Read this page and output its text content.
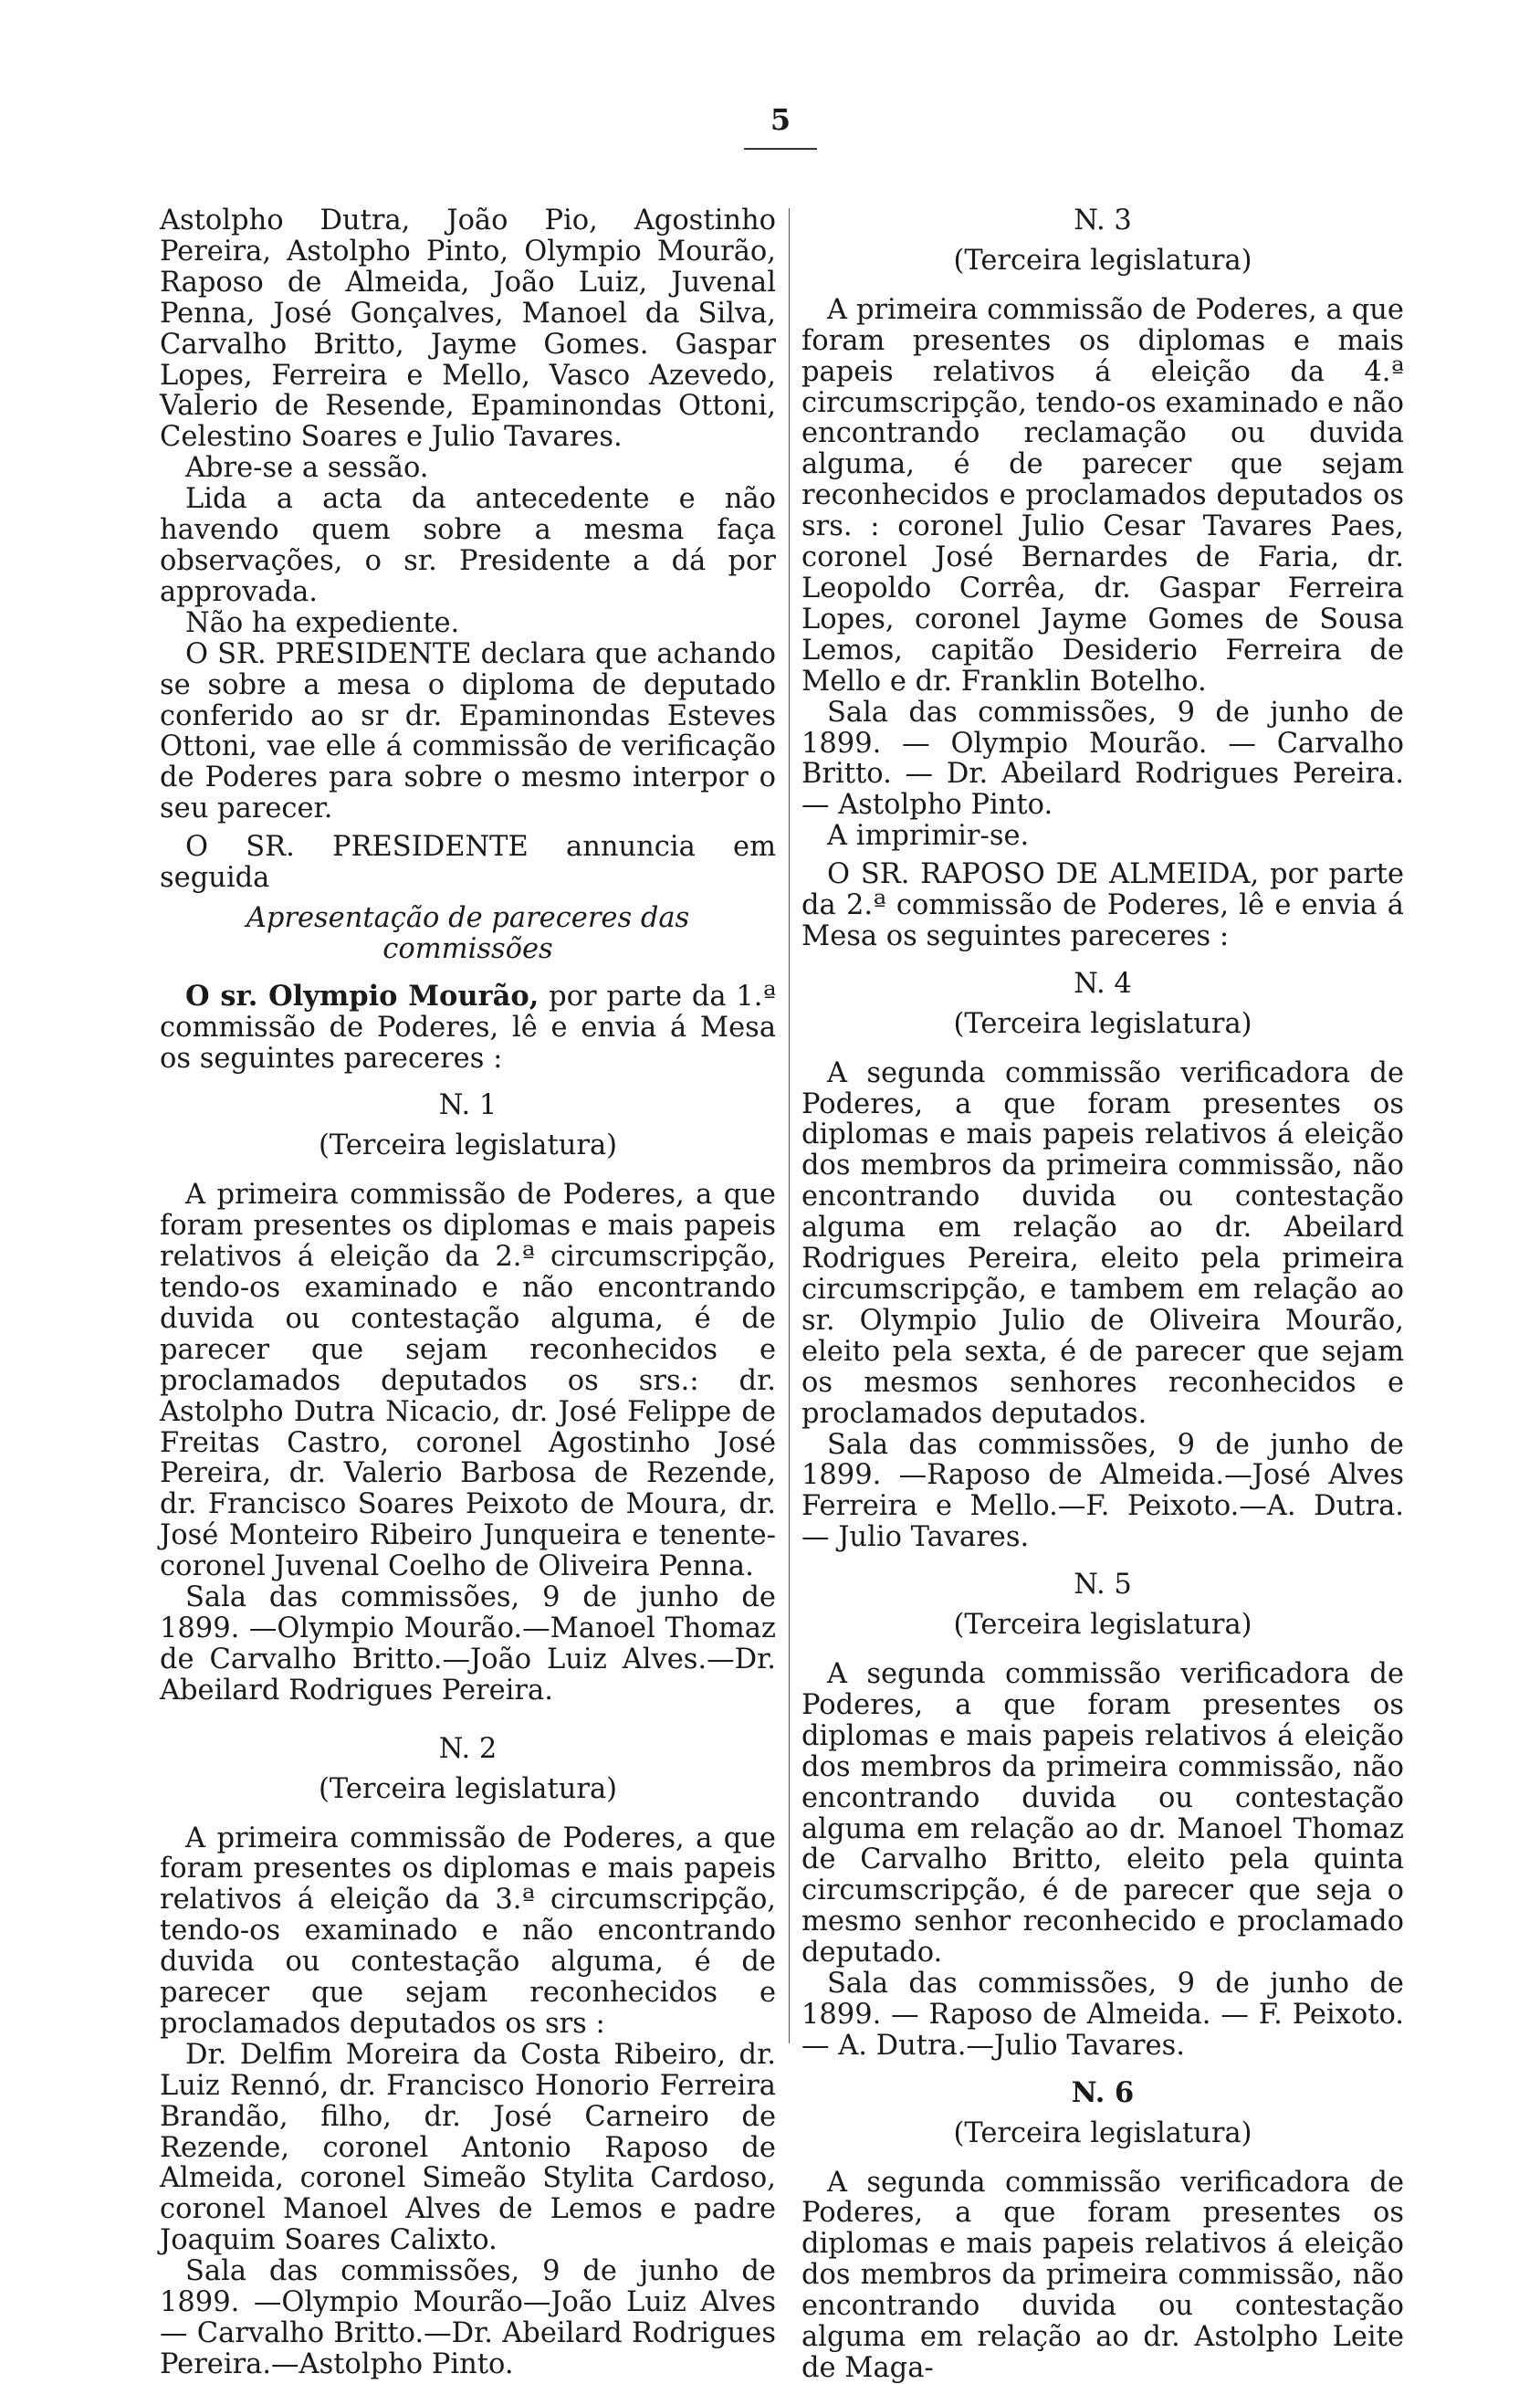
5

Astolpho Dutra, João Pio, Agostinho Pereira, Astolpho Pinto, Olympio Mourão, Raposo de Almeida, João Luiz, Juvenal Penna, José Gonçalves, Manoel da Silva, Carvalho Britto, Jayme Gomes. Gaspar Lopes, Ferreira e Mello, Vasco Azevedo, Valerio de Resende, Epaminondas Ottoni, Celestino Soares e Julio Tavares.

Abre-se a sessão.

Lida a acta da antecedente e não havendo quem sobre a mesma faça observações, o sr. Presidente a dá por approvada.

Não ha expediente.

O SR. PRESIDENTE declara que achando se sobre a mesa o diploma de deputado conferido ao sr dr. Epaminondas Esteves Ottoni, vae elle á commissão de verificação de Poderes para sobre o mesmo interpor o seu parecer.

O SR. PRESIDENTE annuncia em seguida

Apresentação de pareceres das commissões

O sr. Olympio Mourão, por parte da 1.ª commissão de Poderes, lê e envia á Mesa os seguintes pareceres :

N. 1

(Terceira legislatura)

A primeira commissão de Poderes, a que foram presentes os diplomas e mais papeis relativos á eleição da 2.ª circumscripção, tendo-os examinado e não encontrando duvida ou contestação alguma, é de parecer que sejam reconhecidos e proclamados deputados os srs.: dr. Astolpho Dutra Nicacio, dr. José Felippe de Freitas Castro, coronel Agostinho José Pereira, dr. Valerio Barbosa de Rezende, dr. Francisco Soares Peixoto de Moura, dr. José Monteiro Ribeiro Junqueira e tenente-coronel Juvenal Coelho de Oliveira Penna.

Sala das commissões, 9 de junho de 1899. —Olympio Mourão.—Manoel Thomaz de Carvalho Britto.—João Luiz Alves.—Dr. Abeilard Rodrigues Pereira.

N. 2

(Terceira legislatura)

A primeira commissão de Poderes, a que foram presentes os diplomas e mais papeis relativos á eleição da 3.ª circumscripção, tendo-os examinado e não encontrando duvida ou contestação alguma, é de parecer que sejam reconhecidos e proclamados deputados os srs :

Dr. Delfim Moreira da Costa Ribeiro, dr. Luiz Rennó, dr. Francisco Honorio Ferreira Brandão, filho, dr. José Carneiro de Rezende, coronel Antonio Raposo de Almeida, coronel Simeão Stylita Cardoso, coronel Manoel Alves de Lemos e padre Joaquim Soares Calixto.

Sala das commissões, 9 de junho de 1899. —Olympio Mourão—João Luiz Alves — Carvalho Britto.—Dr. Abeilard Rodrigues Pereira.—Astolpho Pinto.

N. 3

(Terceira legislatura)

A primeira commissão de Poderes, a que foram presentes os diplomas e mais papeis relativos á eleição da 4.ª circumscripção, tendo-os examinado e não encontrando reclamação ou duvida alguma, é de parecer que sejam reconhecidos e proclamados deputados os srs. : coronel Julio Cesar Tavares Paes, coronel José Bernardes de Faria, dr. Leopoldo Corrêa, dr. Gaspar Ferreira Lopes, coronel Jayme Gomes de Sousa Lemos, capitão Desiderio Ferreira de Mello e dr. Franklin Botelho.

Sala das commissões, 9 de junho de 1899. — Olympio Mourão. — Carvalho Britto. — Dr. Abeilard Rodrigues Pereira. — Astolpho Pinto.

A imprimir-se.

O SR. RAPOSO DE ALMEIDA, por parte da 2.ª commissão de Poderes, lê e envia á Mesa os seguintes pareceres :

N. 4

(Terceira legislatura)

A segunda commissão verificadora de Poderes, a que foram presentes os diplomas e mais papeis relativos á eleição dos membros da primeira commissão, não encontrando duvida ou contestação alguma em relação ao dr. Abeilard Rodrigues Pereira, eleito pela primeira circumscripção, e tambem em relação ao sr. Olympio Julio de Oliveira Mourão, eleito pela sexta, é de parecer que sejam os mesmos senhores reconhecidos e proclamados deputados.

Sala das commissões, 9 de junho de 1899. —Raposo de Almeida.—José Alves Ferreira e Mello.—F. Peixoto.—A. Dutra. — Julio Tavares.

N. 5

(Terceira legislatura)

A segunda commissão verificadora de Poderes, a que foram presentes os diplomas e mais papeis relativos á eleição dos membros da primeira commissão, não encontrando duvida ou contestação alguma em relação ao dr. Manoel Thomaz de Carvalho Britto, eleito pela quinta circumscripção, é de parecer que seja o mesmo senhor reconhecido e proclamado deputado.

Sala das commissões, 9 de junho de 1899. — Raposo de Almeida. — F. Peixoto. — A. Dutra.—Julio Tavares.

N. 6

(Terceira legislatura)

A segunda commissão verificadora de Poderes, a que foram presentes os diplomas e mais papeis relativos á eleição dos membros da primeira commissão, não encontrando duvida ou contestação alguma em relação ao dr. Astolpho Leite de Maga-
